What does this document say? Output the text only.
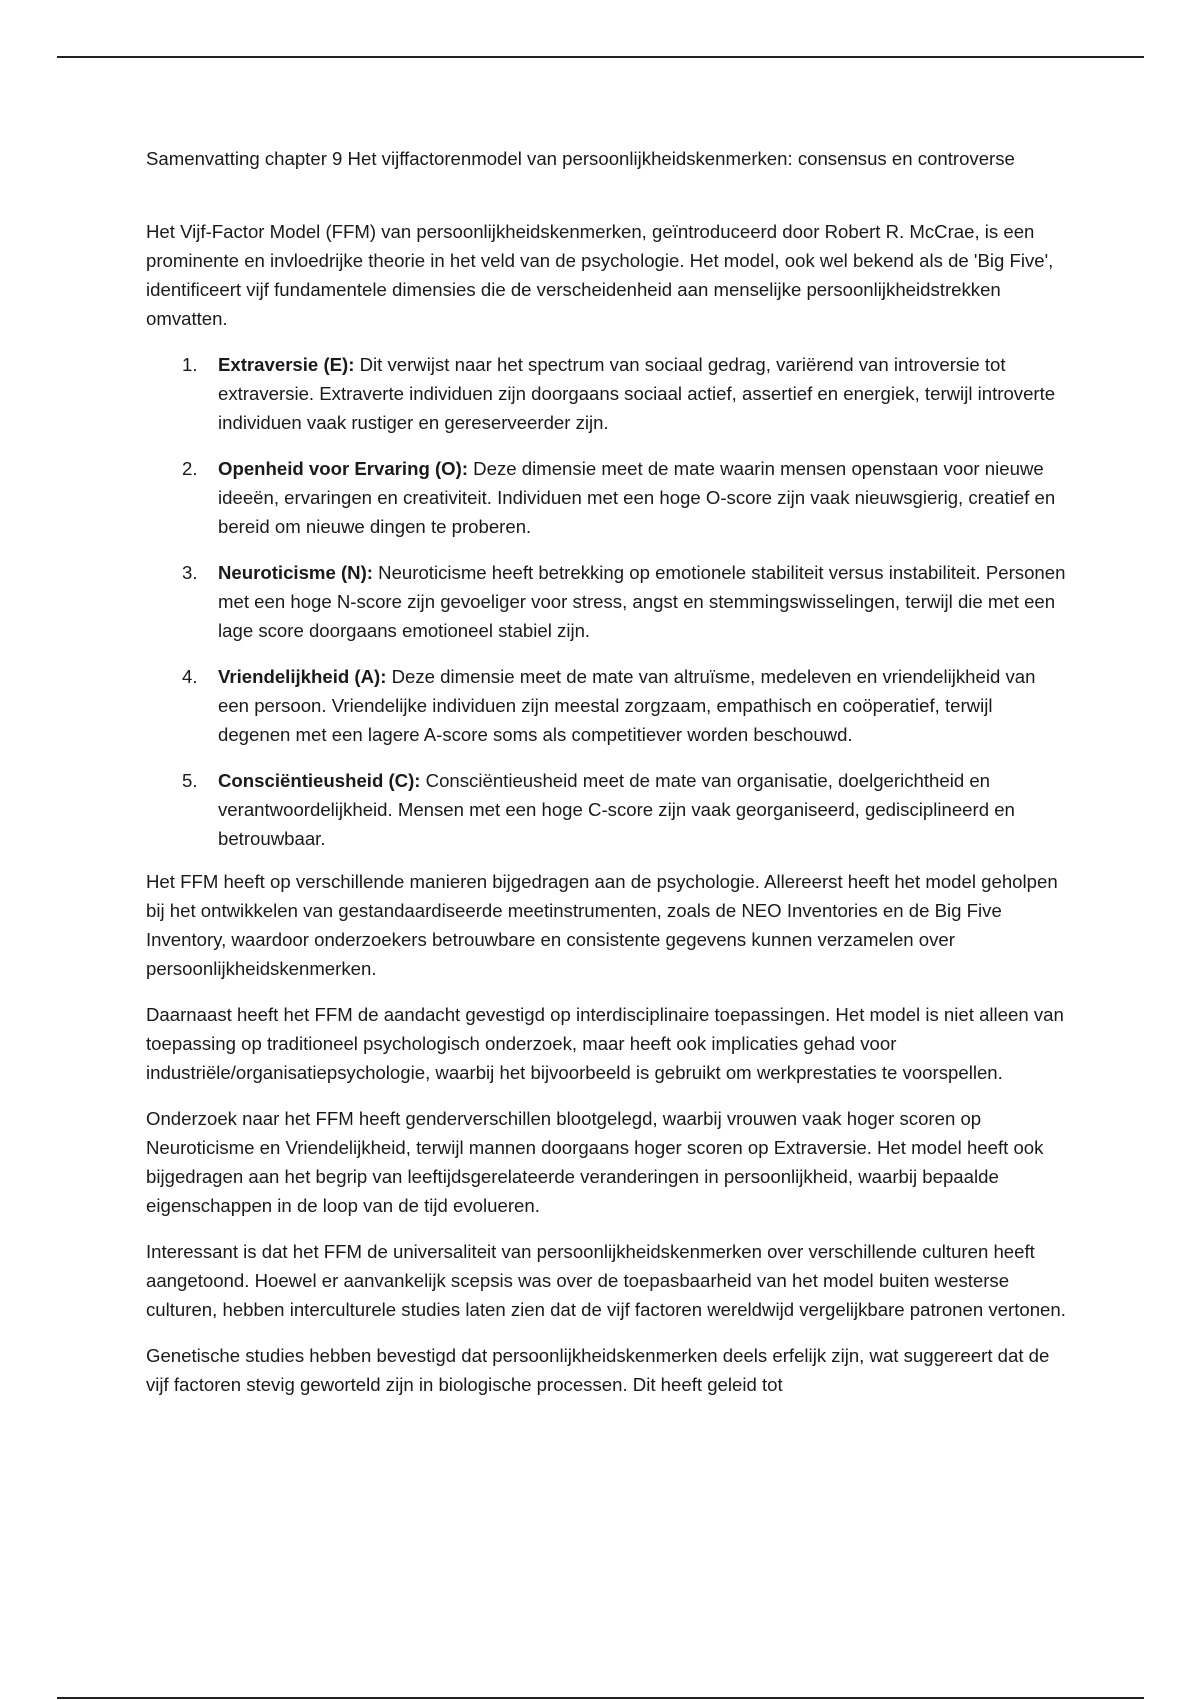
Samenvatting chapter 9 Het vijffactorenmodel van persoonlijkheidskenmerken: consensus en controverse

Het Vijf-Factor Model (FFM) van persoonlijkheidskenmerken, geïntroduceerd door Robert R. McCrae, is een prominente en invloedrijke theorie in het veld van de psychologie. Het model, ook wel bekend als de 'Big Five', identificeert vijf fundamentele dimensies die de verscheidenheid aan menselijke persoonlijkheidstrekken omvatten.

1. Extraversie (E): Dit verwijst naar het spectrum van sociaal gedrag, variërend van introversie tot extraversie. Extraverte individuen zijn doorgaans sociaal actief, assertief en energiek, terwijl introverte individuen vaak rustiger en gereserveerder zijn.
2. Openheid voor Ervaring (O): Deze dimensie meet de mate waarin mensen openstaan voor nieuwe ideeën, ervaringen en creativiteit. Individuen met een hoge O-score zijn vaak nieuwsgierig, creatief en bereid om nieuwe dingen te proberen.
3. Neuroticisme (N): Neuroticisme heeft betrekking op emotionele stabiliteit versus instabiliteit. Personen met een hoge N-score zijn gevoeliger voor stress, angst en stemmingswisselingen, terwijl die met een lage score doorgaans emotioneel stabiel zijn.
4. Vriendelijkheid (A): Deze dimensie meet de mate van altruïsme, medeleven en vriendelijkheid van een persoon. Vriendelijke individuen zijn meestal zorgzaam, empathisch en coöperatief, terwijl degenen met een lagere A-score soms als competitiever worden beschouwd.
5. Consciëntieusheid (C): Consciëntieusheid meet de mate van organisatie, doelgerichtheid en verantwoordelijkheid. Mensen met een hoge C-score zijn vaak georganiseerd, gedisciplineerd en betrouwbaar.

Het FFM heeft op verschillende manieren bijgedragen aan de psychologie. Allereerst heeft het model geholpen bij het ontwikkelen van gestandaardiseerde meetinstrumenten, zoals de NEO Inventories en de Big Five Inventory, waardoor onderzoekers betrouwbare en consistente gegevens kunnen verzamelen over persoonlijkheidskenmerken.

Daarnaast heeft het FFM de aandacht gevestigd op interdisciplinaire toepassingen. Het model is niet alleen van toepassing op traditioneel psychologisch onderzoek, maar heeft ook implicaties gehad voor industriële/organisatiepsychologie, waarbij het bijvoorbeeld is gebruikt om werkprestaties te voorspellen.

Onderzoek naar het FFM heeft genderverschillen blootgelegd, waarbij vrouwen vaak hoger scoren op Neuroticisme en Vriendelijkheid, terwijl mannen doorgaans hoger scoren op Extraversie. Het model heeft ook bijgedragen aan het begrip van leeftijdsgerelateerde veranderingen in persoonlijkheid, waarbij bepaalde eigenschappen in de loop van de tijd evolueren.

Interessant is dat het FFM de universaliteit van persoonlijkheidskenmerken over verschillende culturen heeft aangetoond. Hoewel er aanvankelijk scepsis was over de toepasbaarheid van het model buiten westerse culturen, hebben interculturele studies laten zien dat de vijf factoren wereldwijd vergelijkbare patronen vertonen.

Genetische studies hebben bevestigd dat persoonlijkheidskenmerken deels erfelijk zijn, wat suggereert dat de vijf factoren stevig geworteld zijn in biologische processen. Dit heeft geleid tot
